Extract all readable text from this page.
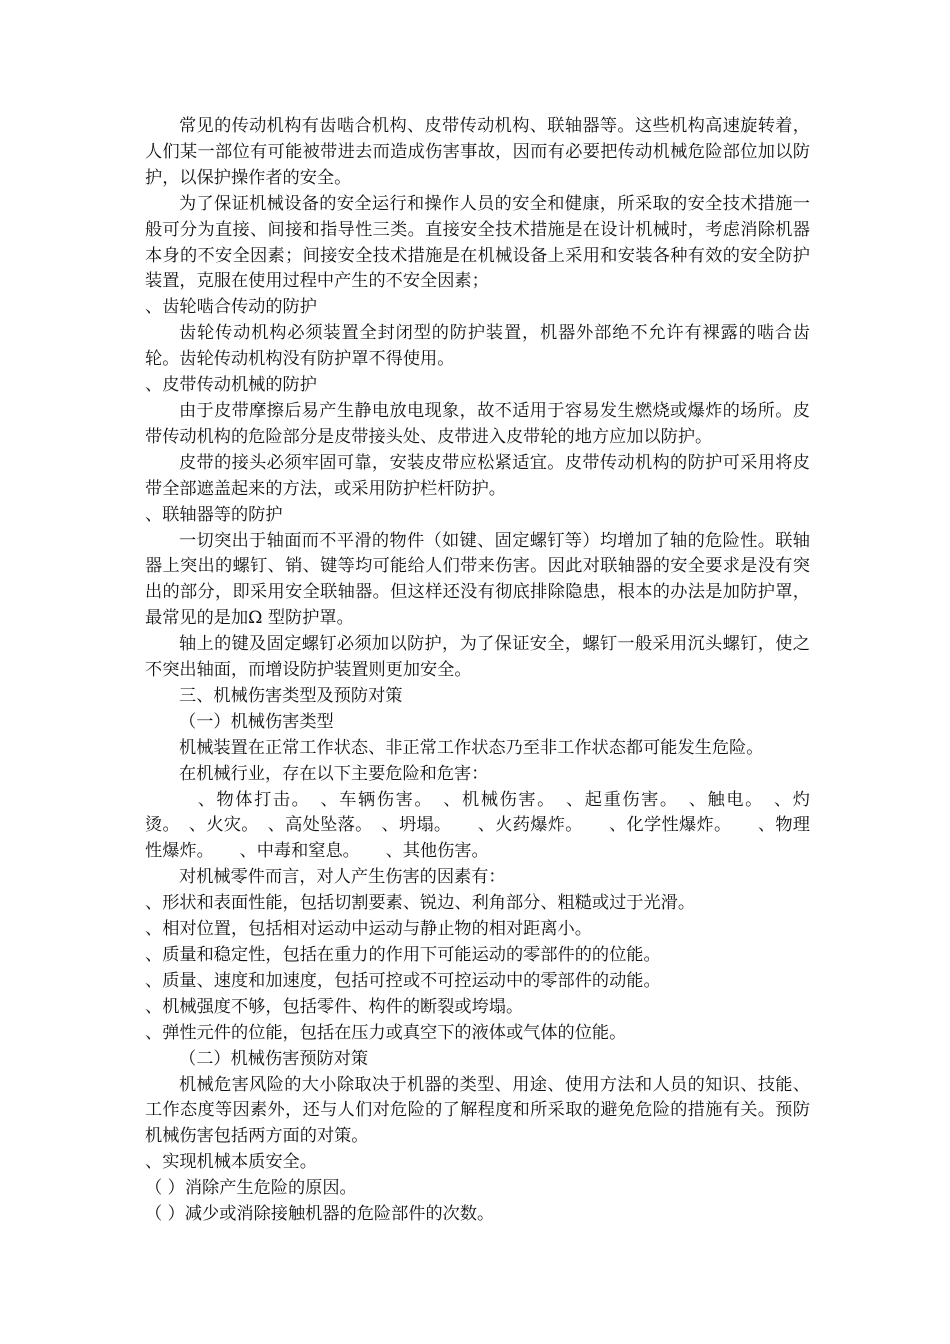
常见的传动机构有齿啮合机构、皮带传动机构、联轴器等。这些机构高速旋转着，人们某一部位有可能被带进去而造成伤害事故，因而有必要把传动机械危险部位加以防护，以保护操作者的安全。

为了保证机械设备的安全运行和操作人员的安全和健康，所采取的安全技术措施一般可分为直接、间接和指导性三类。直接安全技术措施是在设计机械时，考虑消除机器本身的不安全因素；间接安全技术措施是在机械设备上采用和安装各种有效的安全防护装置，克服在使用过程中产生的不安全因素；

、齿轮啮合传动的防护

齿轮传动机构必须装置全封闭型的防护装置，机器外部绝不允许有裸露的啮合齿轮。齿轮传动机构没有防护罩不得使用。

、皮带传动机械的防护

由于皮带摩擦后易产生静电放电现象，故不适用于容易发生燃烧或爆炸的场所。皮带传动机构的危险部分是皮带接头处、皮带进入皮带轮的地方应加以防护。

皮带的接头必须牢固可靠，安装皮带应松紧适宜。皮带传动机构的防护可采用将皮带全部遮盖起来的方法，或采用防护栏杆防护。

、联轴器等的防护

一切突出于轴面而不平滑的物件（如键、固定螺钉等）均增加了轴的危险性。联轴器上突出的螺钉、销、键等均可能给人们带来伤害。因此对联轴器的安全要求是没有突出的部分，即采用安全联轴器。但这样还没有彻底排除隐患，根本的办法是加防护罩，最常见的是加Ω 型防护罩。

轴上的键及固定螺钉必须加以防护，为了保证安全，螺钉一般采用沉头螺钉，使之不突出轴面，而增设防护装置则更加安全。

三、机械伤害类型及预防对策

（一）机械伤害类型

机械装置在正常工作状态、非正常工作状态乃至非工作状态都可能发生危险。

在机械行业，存在以下主要危险和危害：

　、物体打击。　、车辆伤害。　、机械伤害。　、起重伤害。　、触电。　、灼烫。　、火灾。　、高处坠落。　、坍塌。　　、火药爆炸。　　、化学性爆炸。　　、物理性爆炸。　　、中毒和窒息。　　、其他伤害。

对机械零件而言，对人产生伤害的因素有：

、形状和表面性能，包括切割要素、锐边、利角部分、粗糙或过于光滑。

、相对位置，包括相对运动中运动与静止物的相对距离小。

、质量和稳定性，包括在重力的作用下可能运动的零部件的的位能。

、质量、速度和加速度，包括可控或不可控运动中的零部件的动能。

、机械强度不够，包括零件、构件的断裂或垮塌。

、弹性元件的位能，包括在压力或真空下的液体或气体的位能。

（二）机械伤害预防对策

机械危害风险的大小除取决于机器的类型、用途、使用方法和人员的知识、技能、工作态度等因素外，还与人们对危险的了解程度和所采取的避免危险的措施有关。预防机械伤害包括两方面的对策。

、实现机械本质安全。

（ ）消除产生危险的原因。

（ ）减少或消除接触机器的危险部件的次数。
